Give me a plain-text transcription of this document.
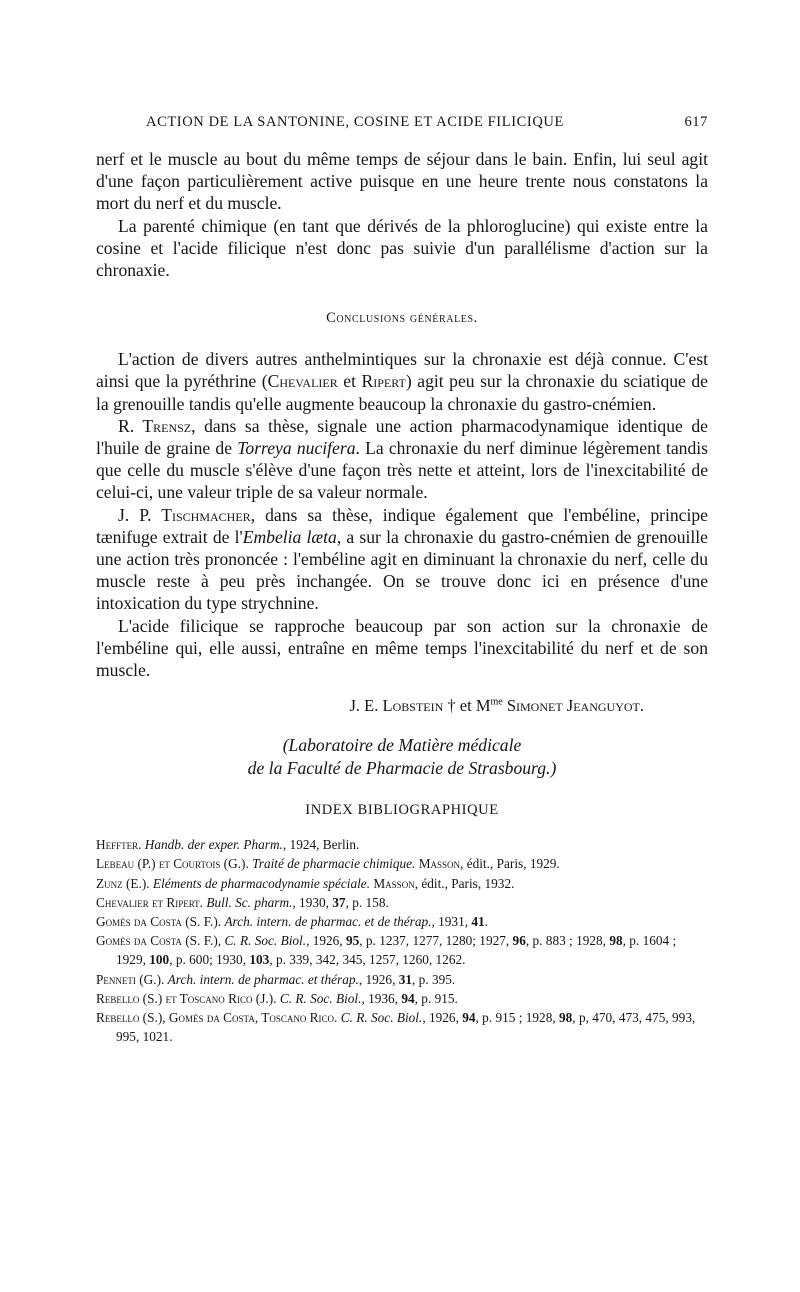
ACTION DE LA SANTONINE, COSINE ET ACIDE FILICIQUE	617

nerf et le muscle au bout du même temps de séjour dans le bain. Enfin, lui seul agit d'une façon particulièrement active puisque en une heure trente nous constatons la mort du nerf et du muscle.

La parenté chimique (en tant que dérivés de la phloroglucine) qui existe entre la cosine et l'acide filicique n'est donc pas suivie d'un parallélisme d'action sur la chronaxie.

Conclusions générales.

L'action de divers autres anthelmintiques sur la chronaxie est déjà connue. C'est ainsi que la pyréthrine (Chevalier et Ripert) agit peu sur la chronaxie du sciatique de la grenouille tandis qu'elle augmente beaucoup la chronaxie du gastro-cnémien.

R. Trensz, dans sa thèse, signale une action pharmacodynamique identique de l'huile de graine de Torreya nucifera. La chronaxie du nerf diminue légèrement tandis que celle du muscle s'élève d'une façon très nette et atteint, lors de l'inexcitabilité de celui-ci, une valeur triple de sa valeur normale.

J. P. Tischmacher, dans sa thèse, indique également que l'embéline, principe tænifuge extrait de l'Embelia læta, a sur la chronaxie du gastro-cnémien de grenouille une action très prononcée : l'embéline agit en diminuant la chronaxie du nerf, celle du muscle reste à peu près inchangée. On se trouve donc ici en présence d'une intoxication du type strychnine.

L'acide filicique se rapproche beaucoup par son action sur la chronaxie de l'embéline qui, elle aussi, entraîne en même temps l'inexcitabilité du nerf et de son muscle.

J. E. Lobstein † et $M^{me}$ Simonet Jeanguyot.
(Laboratoire de Matière médicale
de la Faculté de Pharmacie de Strasbourg.)
INDEX BIBLIOGRAPHIQUE
Heffter. Handb. der exper. Pharm., 1924, Berlin.
Lebeau (P.) et Courtois (G.). Traité de pharmacie chimique. Masson, édit., Paris, 1929.
Zunz (E.). Eléments de pharmacodynamie spéciale. Masson, édit., Paris, 1932.
Chevalier et Ripert. Bull. Sc. pharm., 1930, 37, p. 158.
Gomès da Costa (S. F.). Arch. intern. de pharmac. et de thérap., 1931, 41.
Gomès da Costa (S. F.), C. R. Soc. Biol., 1926, 95, p. 1237, 1277, 1280; 1927, 96, p. 883 ; 1928, 98, p. 1604 ; 1929, 100, p. 600; 1930, 103, p. 339, 342, 345, 1257, 1260, 1262.
Penneti (G.). Arch. intern. de pharmac. et thérap., 1926, 31, p. 395.
Rebello (S.) et Toscano Rico (J.). C. R. Soc. Biol., 1936, 94, p. 915.
Rebello (S.), Gomès da Costa, Toscano Rico. C. R. Soc. Biol., 1926, 94, p. 915 ; 1928, 98, p, 470, 473, 475, 993, 995, 1021.
